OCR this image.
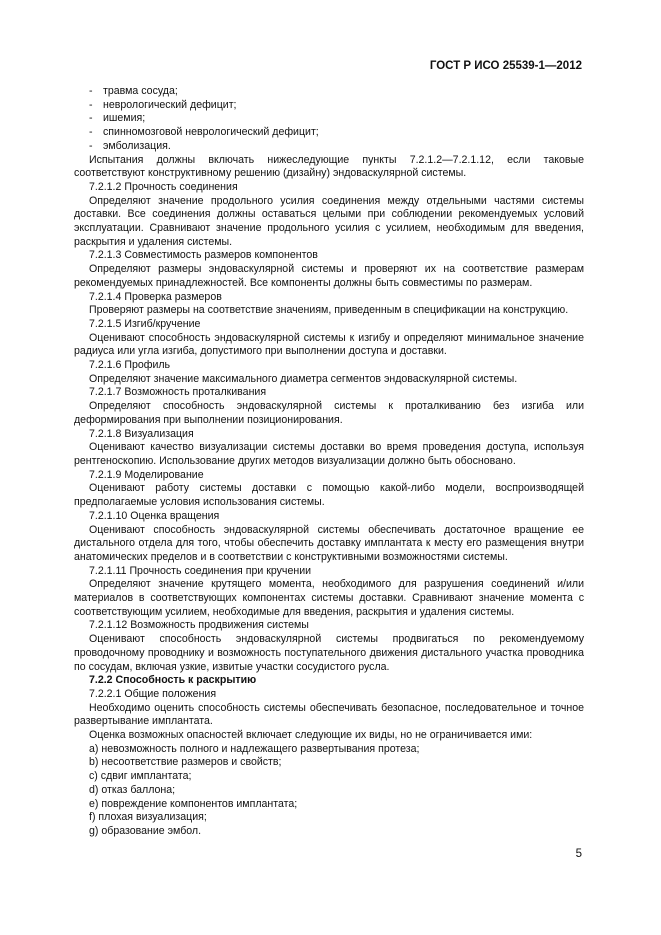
ГОСТ Р ИСО 25539-1—2012

- травма сосуда;

- неврологический дефицит;

- ишемия;

- спинномозговой неврологический дефицит;

- эмболизация.

Испытания должны включать нижеследующие пункты 7.2.1.2—7.2.1.12, если таковые соответствуют конструктивному решению (дизайну) эндоваскулярной системы.

7.2.1.2 Прочность соединения

Определяют значение продольного усилия соединения между отдельными частями системы доставки. Все соединения должны оставаться целыми при соблюдении рекомендуемых условий эксплуатации. Сравнивают значение продольного усилия с усилием, необходимым для введения, раскрытия и удаления системы.

7.2.1.3 Совместимость размеров компонентов

Определяют размеры эндоваскулярной системы и проверяют их на соответствие размерам рекомендуемых принадлежностей. Все компоненты должны быть совместимы по размерам.

7.2.1.4 Проверка размеров

Проверяют размеры на соответствие значениям, приведенным в спецификации на конструкцию.

7.2.1.5 Изгиб/кручение

Оценивают способность эндоваскулярной системы к изгибу и определяют минимальное значение радиуса или угла изгиба, допустимого при выполнении доступа и доставки.

7.2.1.6 Профиль

Определяют значение максимального диаметра сегментов эндоваскулярной системы.

7.2.1.7 Возможность проталкивания

Определяют способность эндоваскулярной системы к проталкиванию без изгиба или деформирования при выполнении позиционирования.

7.2.1.8 Визуализация

Оценивают качество визуализации системы доставки во время проведения доступа, используя рентгеноскопию. Использование других методов визуализации должно быть обосновано.

7.2.1.9 Моделирование

Оценивают работу системы доставки с помощью какой-либо модели, воспроизводящей предполагаемые условия использования системы.

7.2.1.10 Оценка вращения

Оценивают способность эндоваскулярной системы обеспечивать достаточное вращение ее дистального отдела для того, чтобы обеспечить доставку имплантата к месту его размещения внутри анатомических пределов и в соответствии с конструктивными возможностями системы.

7.2.1.11 Прочность соединения при кручении

Определяют значение крутящего момента, необходимого для разрушения соединений и/или материалов в соответствующих компонентах системы доставки. Сравнивают значение момента с соответствующим усилием, необходимые для введения, раскрытия и удаления системы.

7.2.1.12 Возможность продвижения системы

Оценивают способность эндоваскулярной системы продвигаться по рекомендуемому проводочному проводнику и возможность поступательного движения дистального участка проводника по сосудам, включая узкие, извитые участки сосудистого русла.

7.2.2 Способность к раскрытию

7.2.2.1 Общие положения

Необходимо оценить способность системы обеспечивать безопасное, последовательное и точное развертывание имплантата.

Оценка возможных опасностей включает следующие их виды, но не ограничивается ими:

a) невозможность полного и надлежащего развертывания протеза;

b) несоответствие размеров и свойств;

c) сдвиг имплантата;

d) отказ баллона;

e) повреждение компонентов имплантата;

f) плохая визуализация;

g) образование эмбол.

5
